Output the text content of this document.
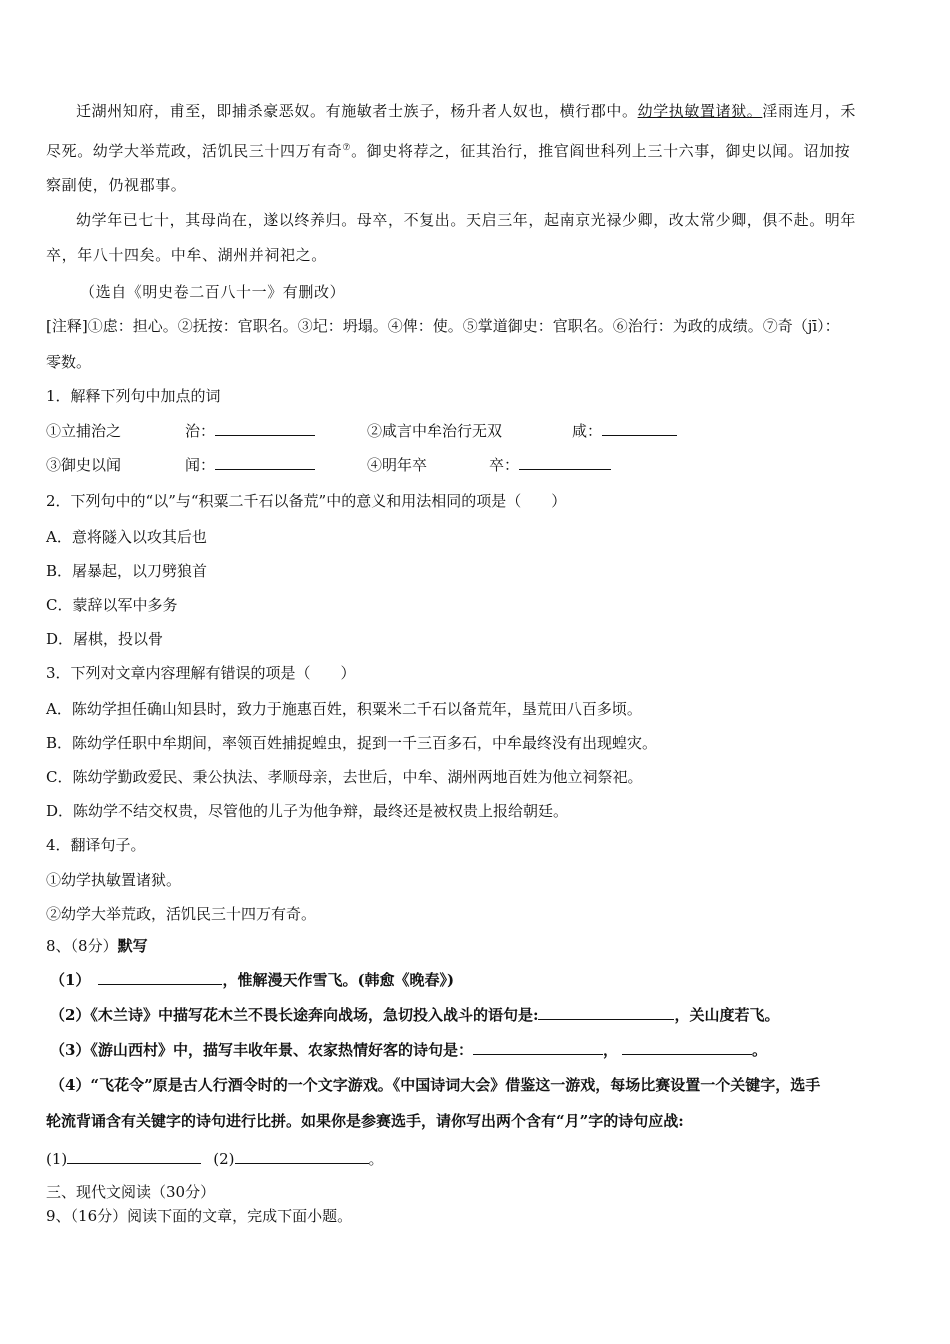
迁湖州知府，甫至，即捕杀豪恶奴。有施敏者士族子，杨升者人奴也，横行郡中。幼学执敏置诸狱。淫雨连月，禾
尽死。幼学大举荒政，活饥民三十四万有奇⑦。御史将荐之，征其治行，推官阎世科列上三十六事，御史以闻。诏加按
察副使，仍视郡事。
幼学年已七十，其母尚在，遂以终养归。母卒，不复出。天启三年，起南京光禄少卿，改太常少卿，俱不赴。明年
卒，年八十四矣。中牟、湖州并祠祀之。
（选自《明史卷二百八十一》有删改）
[注释]①虑：担心。②抚按：官职名。③圮：坍塌。④俾：使。⑤掌道御史：官职名。⑥治行：为政的成绩。⑦奇（jī）：
零数。
1．解释下列句中加点的词
①立捕治之	治：	②咸言中牟治行无双	咸：
③御史以闻	闻：	④明年卒	卒：
2．下列句中的“以”与“积粟二千石以备荒”中的意义和用法相同的项是（　　）
A．意将隧入以攻其后也
B．屠暴起，以刀劈狼首
C．蒙辞以军中多务
D．屠棋，投以骨
3．下列对文章内容理解有错误的项是（　　）
A．陈幼学担任确山知县时，致力于施惠百姓，积粟米二千石以备荒年，垦荒田八百多顷。
B．陈幼学任职中牟期间，率领百姓捕捉蝗虫，捉到一千三百多石，中牟最终没有出现蝗灾。
C．陈幼学勤政爱民、秉公执法、孝顺母亲，去世后，中牟、湖州两地百姓为他立祠祭祀。
D．陈幼学不结交权贵，尽管他的儿子为他争辩，最终还是被权贵上报给朝廷。
4．翻译句子。
①幼学执敏置诸狱。
②幼学大举荒政，活饥民三十四万有奇。
8、（8分）默写
（1）	，惟解漫天作雪飞。(韩愈《晚春》)
（2）《木兰诗》中描写花木兰不畏长途奔向战场，急切投入战斗的语句是:	，关山度若飞。
（3）《游山西村》中，描写丰收年景、农家热情好客的诗句是：	，	。
（4）“飞花令”原是古人行酒令时的一个文字游戏。《中国诗词大会》借鉴这一游戏，每场比赛设置一个关键字，选手
轮流背诵含有关键字的诗句进行比拼。如果你是参赛选手，请你写出两个含有“月”字的诗句应战:
(1)	(2)	。
三、现代文阅读（30分）
9、（16分）阅读下面的文章，完成下面小题。
